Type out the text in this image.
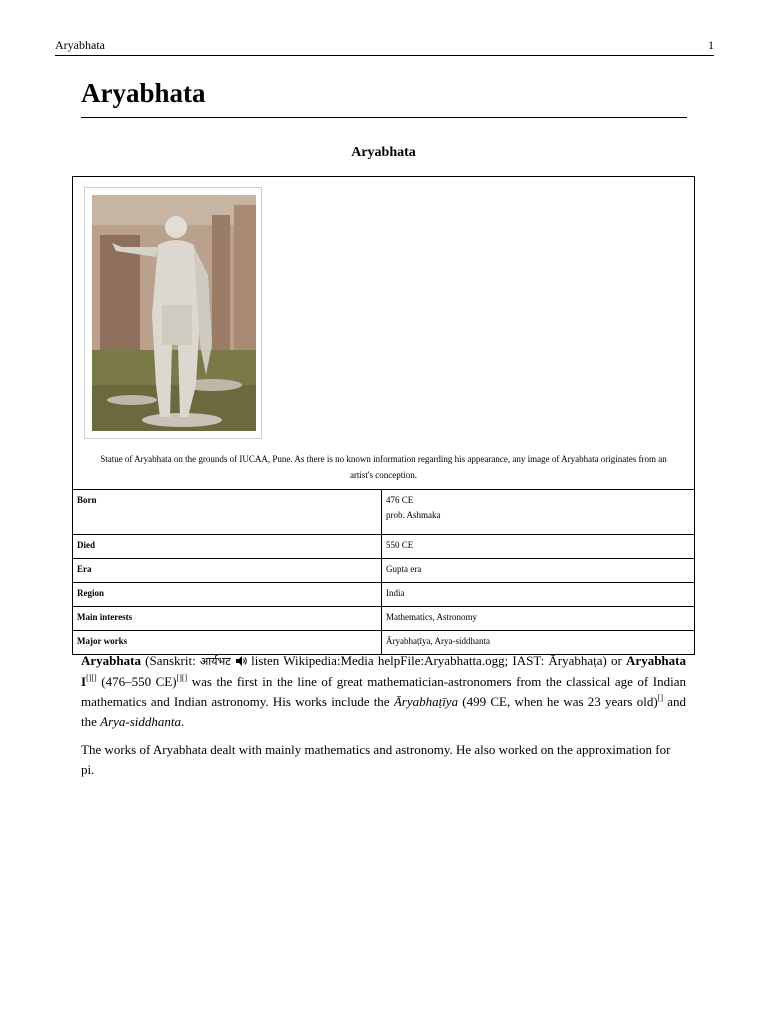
Aryabhata	1
Aryabhata
Aryabhata
Statue of Aryabhata on the grounds of IUCAA, Pune. As there is no known information regarding his appearance, any image of Aryabhata originates from an artist's conception.
Born	476 CE
prob. Ashmaka

Died	550 CE
Era	Gupta era
Region	India
Main interests	Mathematics, Astronomy
Major works	Āryabhaṭīya, Arya-siddhanta

Aryabhata (Sanskrit: आर्यभट  listen Wikipedia:Media helpFile:Aryabhatta.ogg; IAST: Āryabhaṭa) or Aryabhata I[][] (476–550 CE)[][] was the first in the line of great mathematician-astronomers from the classical age of Indian mathematics and Indian astronomy. His works include the Āryabhaṭīya (499 CE, when he was 23 years old)[] and the Arya-siddhanta.

The works of Aryabhata dealt with mainly mathematics and astronomy. He also worked on the approximation for pi.
